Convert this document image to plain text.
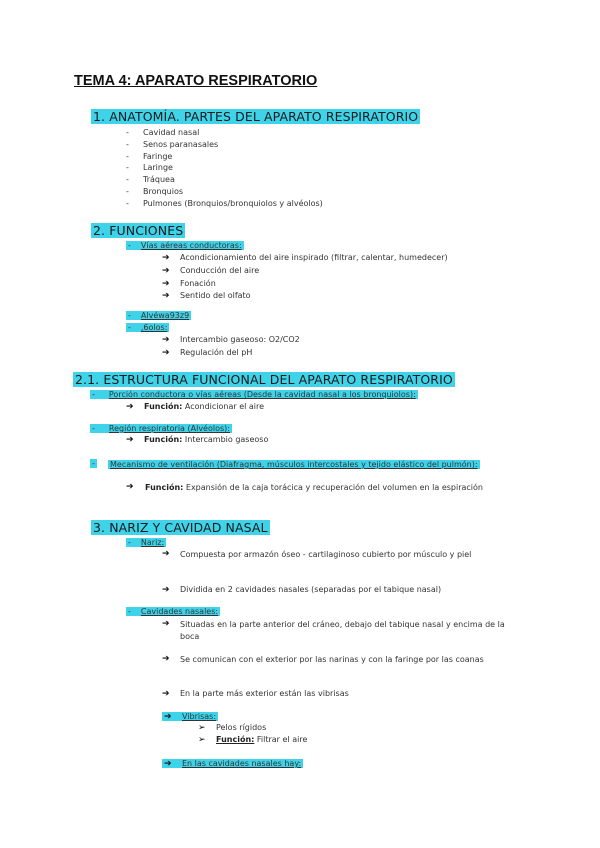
TEMA 4: APARATO RESPIRATORIO
1. ANATOMÍA. PARTES DEL APARATO RESPIRATORIO
- Cavidad nasal
- Senos paranasales
- Faringe
- Laringe
- Tráquea
- Bronquios
- Pulmones (Bronquios/bronquiolos y alvéolos)
2. FUNCIONES
- Vías aéreas conductoras:
➔ Acondicionamiento del aire inspirado (filtrar, calentar, humedecer)
➔ Conducción del aire
➔ Fonación
➔ Sentido del olfato
- Alvéwa93z9
- ‚6olos:
➔ Intercambio gaseoso: O2/CO2
➔ Regulación del pH
2.1. ESTRUCTURA FUNCIONAL DEL APARATO RESPIRATORIO
- Porción conductora o vías aéreas (Desde la cavidad nasal a los bronquiolos):
➔ Función: Acondicionar el aire
- Región respiratoria (Alvéolos):
➔ Función: Intercambio gaseoso
- Mecanismo de ventilación (Diafragma, músculos intercostales y tejido elástico del pulmón):
➔	Función: Expansión de la caja torácica y recuperación del volumen en la espiración
3. NARIZ Y CAVIDAD NASAL
- Nariz:
➔	Compuesta por armazón óseo - cartilaginoso cubierto por músculo y piel
➔	Dividida en 2 cavidades nasales (separadas por el tabique nasal)
- Cavidades nasales:
➔	Situadas en la parte anterior del cráneo, debajo del tabique nasal y encima de la boca
➔	Se comunican con el exterior por las narinas y con la faringe por las coanas
➔	En la parte más exterior están las vibrisas
➔ Vibrisas:
➢ Pelos rígidos
➢ Función: Filtrar el aire
➔ En las cavidades nasales hay:
